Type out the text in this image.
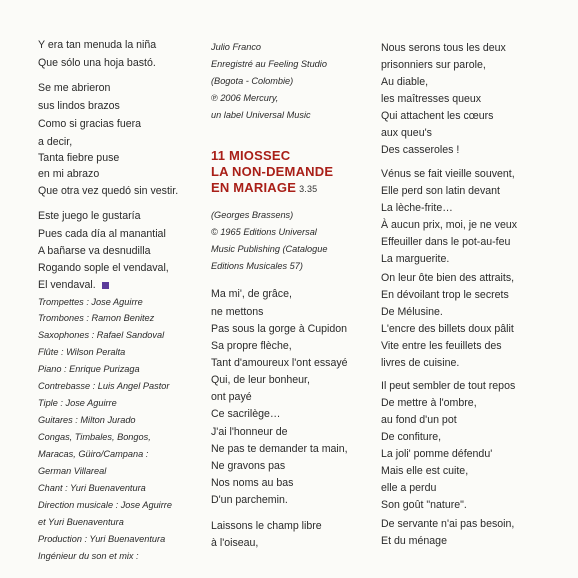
Y era tan menuda la niña
Que sólo una hoja bastó.
Se me abrieron
sus lindos brazos
Como si gracias fuera
a decir,
Tanta fiebre puse
en mi abrazo
Que otra vez quedó sin vestir.
Este juego le gustaría
Pues cada día al manantial
A bañarse va desnudilla
Rogando sople el vendaval,
El vendaval.
Trompettes : Jose Aguirre
Trombones : Ramon Benitez
Saxophones : Rafael Sandoval
Flûte : Wilson Peralta
Piano : Enrique Purizaga
Contrebasse : Luis Angel Pastor
Tiple : Jose Aguirre
Guitares : Milton Jurado
Congas, Timbales, Bongos,
Maracas, Güiro/Campana :
German Villareal
Chant : Yuri Buenaventura
Direction musicale : Jose Aguirre
et Yuri Buenaventura
Production : Yuri Buenaventura
Ingénieur du son et mix :
Julio Franco
Enregistré au Feeling Studio
(Bogota - Colombie)
℗ 2006 Mercury,
un label Universal Music
11 MIOSSEC
LA NON-DEMANDE
EN MARIAGE 3.35
(Georges Brassens)
© 1965 Editions Universal
Music Publishing (Catalogue
Editions Musicales 57)
Ma mi', de grâce,
ne mettons
Pas sous la gorge à Cupidon
Sa propre flèche,
Tant d'amoureux l'ont essayé
Qui, de leur bonheur,
ont payé
Ce sacrilège…
J'ai l'honneur de
Ne pas te demander ta main,
Ne gravons pas
Nos noms au bas
D'un parchemin.
Laissons le champ libre
à l'oiseau,
Nous serons tous les deux
prisonniers sur parole,
Au diable,
les maîtresses queux
Qui attachent les cœurs
aux queu's
Des casseroles !
Vénus se fait vieille souvent,
Elle perd son latin devant
La lèche-frite…
À aucun prix, moi, je ne veux
Effeuiller dans le pot-au-feu
La marguerite.
On leur ôte bien des attraits,
En dévoilant trop le secrets
De Mélusine.
L'encre des billets doux pâlit
Vite entre les feuillets des
livres de cuisine.
Il peut sembler de tout repos
De mettre à l'ombre,
au fond d'un pot
De confiture,
La joli' pomme défendu'
Mais elle est cuite,
elle a perdu
Son goût "nature".
De servante n'ai pas besoin,
Et du ménage
